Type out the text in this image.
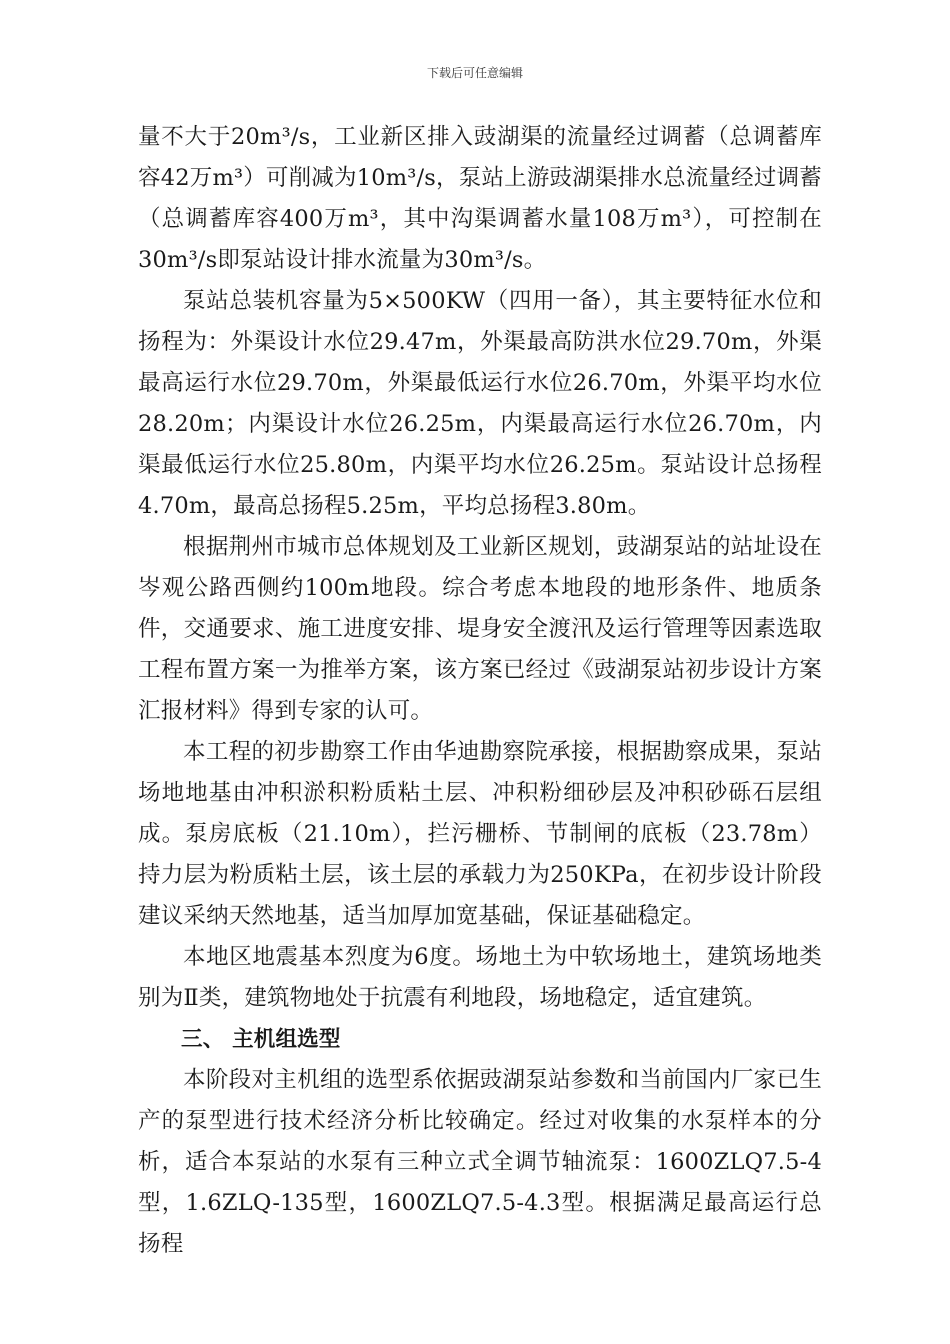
下载后可任意编辑

量不大于20m³/s，工业新区排入豉湖渠的流量经过调蓄（总调蓄库容42万m³）可削减为10m³/s，泵站上游豉湖渠排水总流量经过调蓄（总调蓄库容400万m³，其中沟渠调蓄水量108万m³），可控制在30m³/s即泵站设计排水流量为30m³/s。

泵站总装机容量为5×500KW（四用一备），其主要特征水位和扬程为：外渠设计水位29.47m，外渠最高防洪水位29.70m，外渠最高运行水位29.70m，外渠最低运行水位26.70m，外渠平均水位28.20m；内渠设计水位26.25m，内渠最高运行水位26.70m，内渠最低运行水位25.80m，内渠平均水位26.25m。泵站设计总扬程4.70m，最高总扬程5.25m，平均总扬程3.80m。

根据荆州市城市总体规划及工业新区规划，豉湖泵站的站址设在岑观公路西侧约100m地段。综合考虑本地段的地形条件、地质条件，交通要求、施工进度安排、堤身安全渡汛及运行管理等因素选取工程布置方案一为推举方案，该方案已经过《豉湖泵站初步设计方案汇报材料》得到专家的认可。

本工程的初步勘察工作由华迪勘察院承接，根据勘察成果，泵站场地地基由冲积淤积粉质粘土层、冲积粉细砂层及冲积砂砾石层组成。泵房底板（21.10m），拦污栅桥、节制闸的底板（23.78m）持力层为粉质粘土层，该土层的承载力为250KPa，在初步设计阶段建议采纳天然地基，适当加厚加宽基础，保证基础稳定。

本地区地震基本烈度为6度。场地土为中软场地土，建筑场地类别为Ⅱ类，建筑物地处于抗震有利地段，场地稳定，适宜建筑。

三、 主机组选型

本阶段对主机组的选型系依据豉湖泵站参数和当前国内厂家已生产的泵型进行技术经济分析比较确定。经过对收集的水泵样本的分析，适合本泵站的水泵有三种立式全调节轴流泵：1600ZLQ7.5-4型，1.6ZLQ-135型，1600ZLQ7.5-4.3型。根据满足最高运行总扬程
